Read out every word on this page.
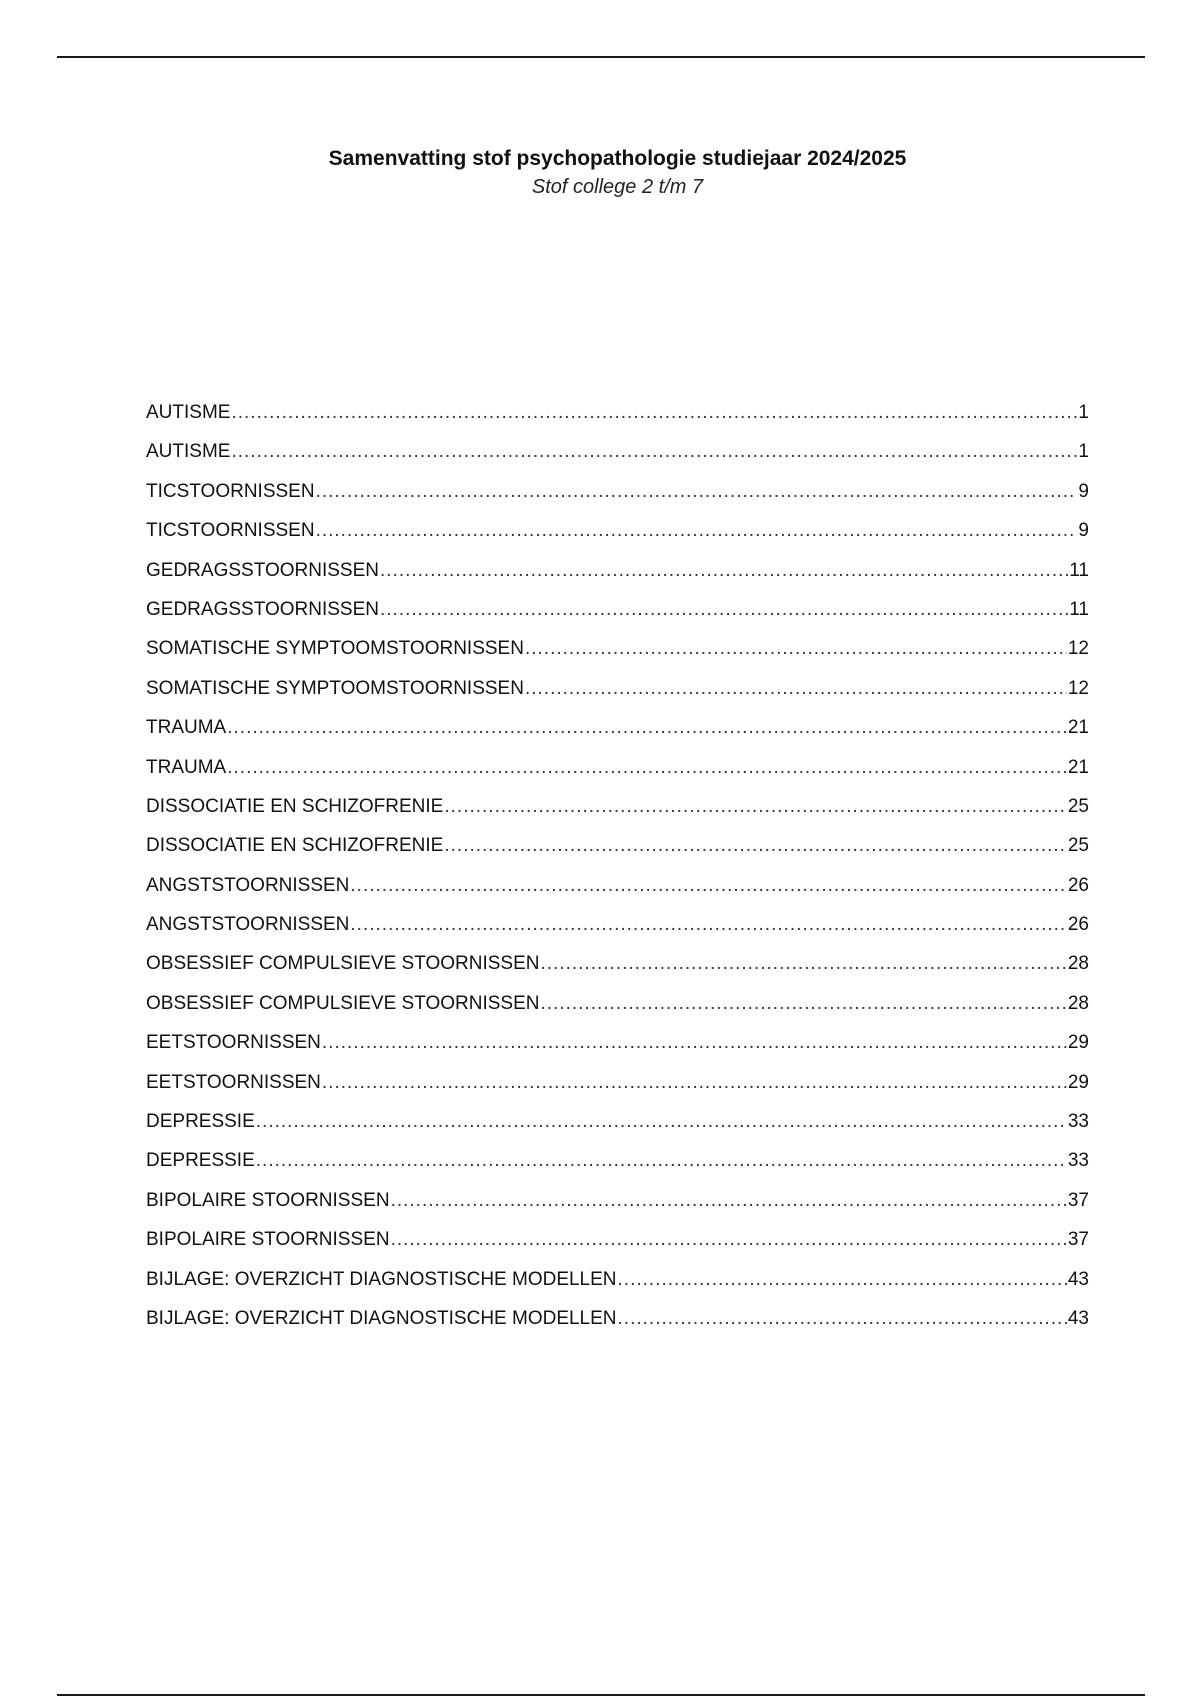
Samenvatting stof psychopathologie studiejaar 2024/2025
Stof college 2 t/m 7
AUTISME .....	1
AUTISME .....	1
TICSTOORNISSEN .....	9
TICSTOORNISSEN .....	9
GEDRAGSSTOORNISSEN .....	11
GEDRAGSSTOORNISSEN .....	11
SOMATISCHE SYMPTOOMSTOORNISSEN .....	12
SOMATISCHE SYMPTOOMSTOORNISSEN .....	12
TRAUMA .....	21
TRAUMA .....	21
DISSOCIATIE EN SCHIZOFRENIE .....	25
DISSOCIATIE EN SCHIZOFRENIE .....	25
ANGSTSTOORNISSEN .....	26
ANGSTSTOORNISSEN .....	26
OBSESSIEF COMPULSIEVE STOORNISSEN .....	28
OBSESSIEF COMPULSIEVE STOORNISSEN .....	28
EETSTOORNISSEN .....	29
EETSTOORNISSEN .....	29
DEPRESSIE .....	33
DEPRESSIE .....	33
BIPOLAIRE STOORNISSEN .....	37
BIPOLAIRE STOORNISSEN .....	37
BIJLAGE: OVERZICHT DIAGNOSTISCHE MODELLEN .....	43
BIJLAGE: OVERZICHT DIAGNOSTISCHE MODELLEN .....	43
